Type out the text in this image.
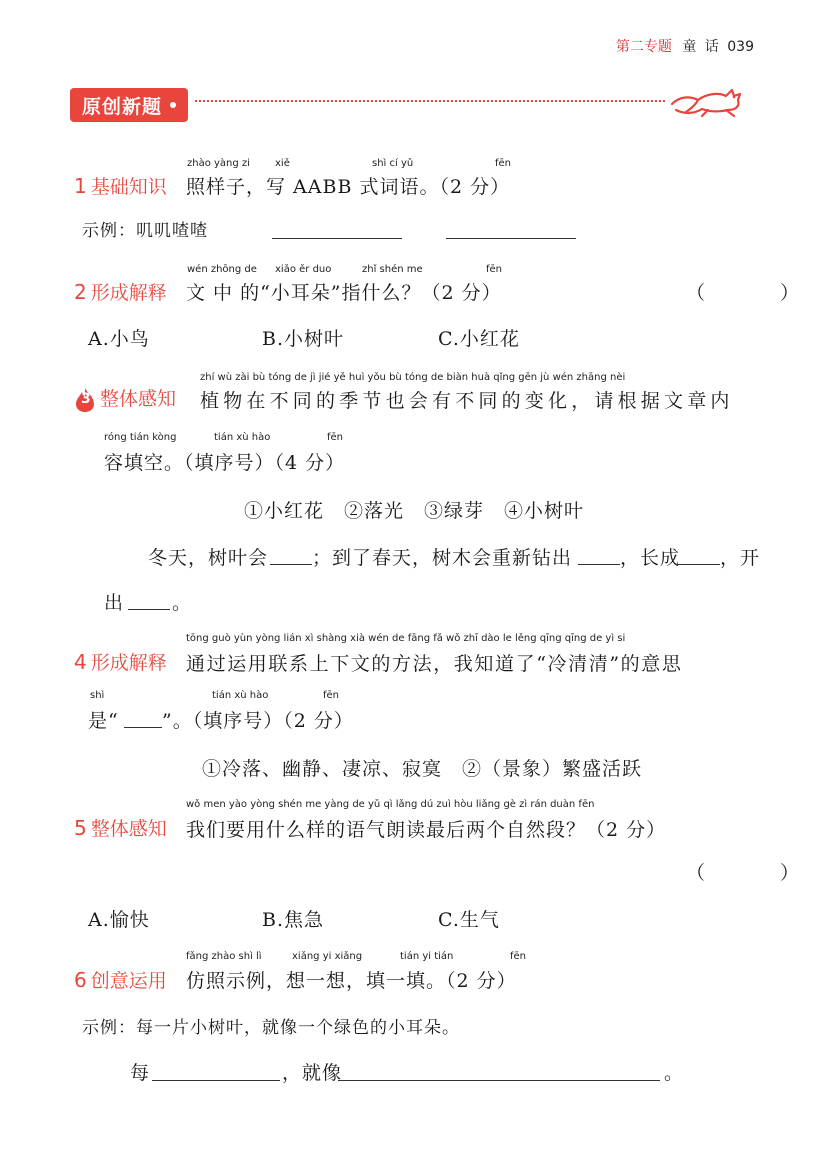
第二专题 童 话 039
原创新题
zhào yàng zi	xiě	shì cí yǔ	fēn
1 基础知识 照样子，写 AABB 式词语。（2 分）
示例：叽叽喳喳
wén zhōng de xiǎo ěr duo	zhǐ shén me	fēn
2 形成解释 文 中 的“小耳朵”指什么？（2 分）	（　）
A.小鸟	B.小树叶	C.小红花
zhí wù zài bù tóng de jì jié yě huì yǒu bù tóng de biàn huà qǐng gēn jù wén zhāng nèi
整体感知
3	植物在不同的季节也会有不同的变化，请根据文章内
róng tián kòng	tián xù hào	fēn
容填空。（填序号）（4 分）
①小红花　②落光　③绿芽　④小树叶
冬天，树叶会 ；到了春天，树木会重新钻出	，长成 ，开
出	。
tōng guò yùn yòng lián xì shàng xià wén de fāng fǎ wǒ zhī dào le lěng qīng qīng de yì si
4 形成解释 通过运用联系上下文的方法，我知道了“冷清清”的意思
shì	tián xù hào	fēn
是“ ”。（填序号）（2 分）
①冷落、幽静、凄凉、寂寞　②（景象）繁盛活跃
wǒ men yào yòng shén me yàng de yǔ qì lǎng dú zuì hòu liǎng gè zì rán duàn fēn
5 整体感知 我们要用什么样的语气朗读最后两个自然段？（2 分）
（　）
A.愉快	B.焦急	C.生气
fǎng zhào shì lì	xiǎng yi xiǎng	tián yi tián	fēn
6 创意运用 仿照示例，想一想，填一填。（2 分）
示例：每一片小树叶，就像一个绿色的小耳朵。
每	，就像	。
